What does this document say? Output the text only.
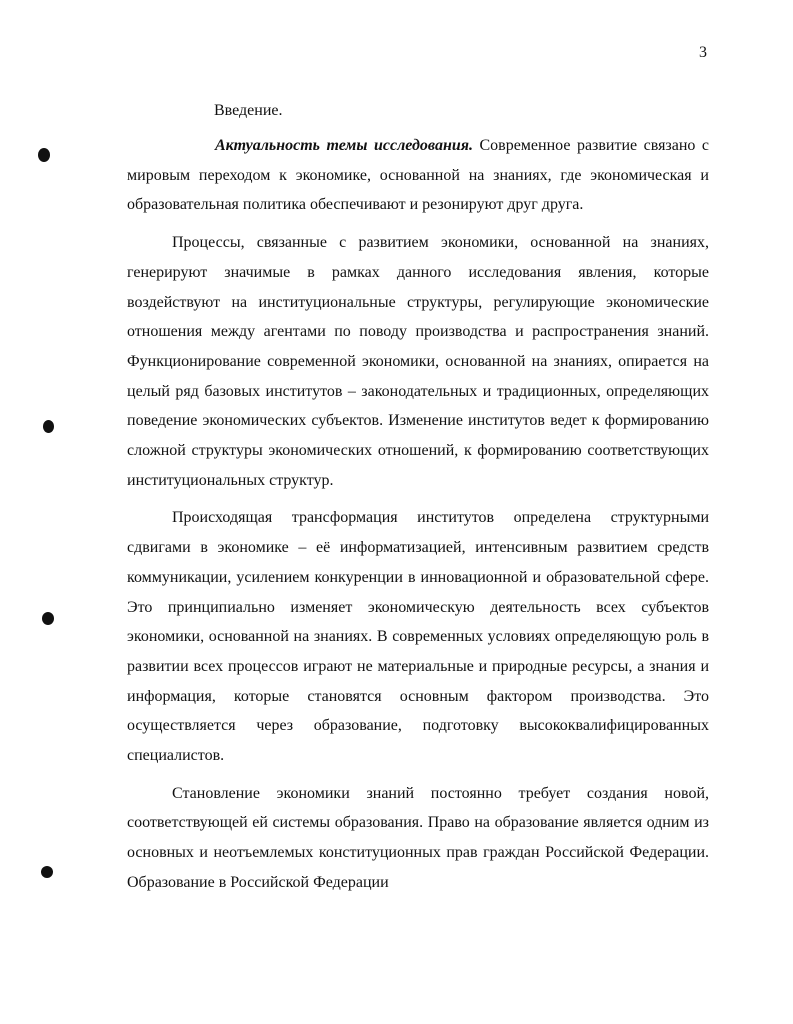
3
Введение.

Актуальность темы исследования. Современное развитие связано с мировым переходом к экономике, основанной на знаниях, где экономическая и образовательная политика обеспечивают и резонируют друг друга.

Процессы, связанные с развитием экономики, основанной на знаниях, генерируют значимые в рамках данного исследования явления, которые воздействуют на институциональные структуры, регулирующие экономические отношения между агентами по поводу производства и распространения знаний. Функционирование современной экономики, основанной на знаниях, опирается на целый ряд базовых институтов – законодательных и традиционных, определяющих поведение экономических субъектов. Изменение институтов ведет к формированию сложной структуры экономических отношений, к формированию соответствующих институциональных структур.

Происходящая трансформация институтов определена структурными сдвигами в экономике – её информатизацией, интенсивным развитием средств коммуникации, усилением конкуренции в инновационной и образовательной сфере. Это принципиально изменяет экономическую деятельность всех субъектов экономики, основанной на знаниях. В современных условиях определяющую роль в развитии всех процессов играют не материальные и природные ресурсы, а знания и информация, которые становятся основным фактором производства. Это осуществляется через образование, подготовку высококвалифицированных специалистов.

Становление экономики знаний постоянно требует создания новой, соответствующей ей системы образования. Право на образование является одним из основных и неотъемлемых конституционных прав граждан Российской Федерации. Образование в Российской Федерации
